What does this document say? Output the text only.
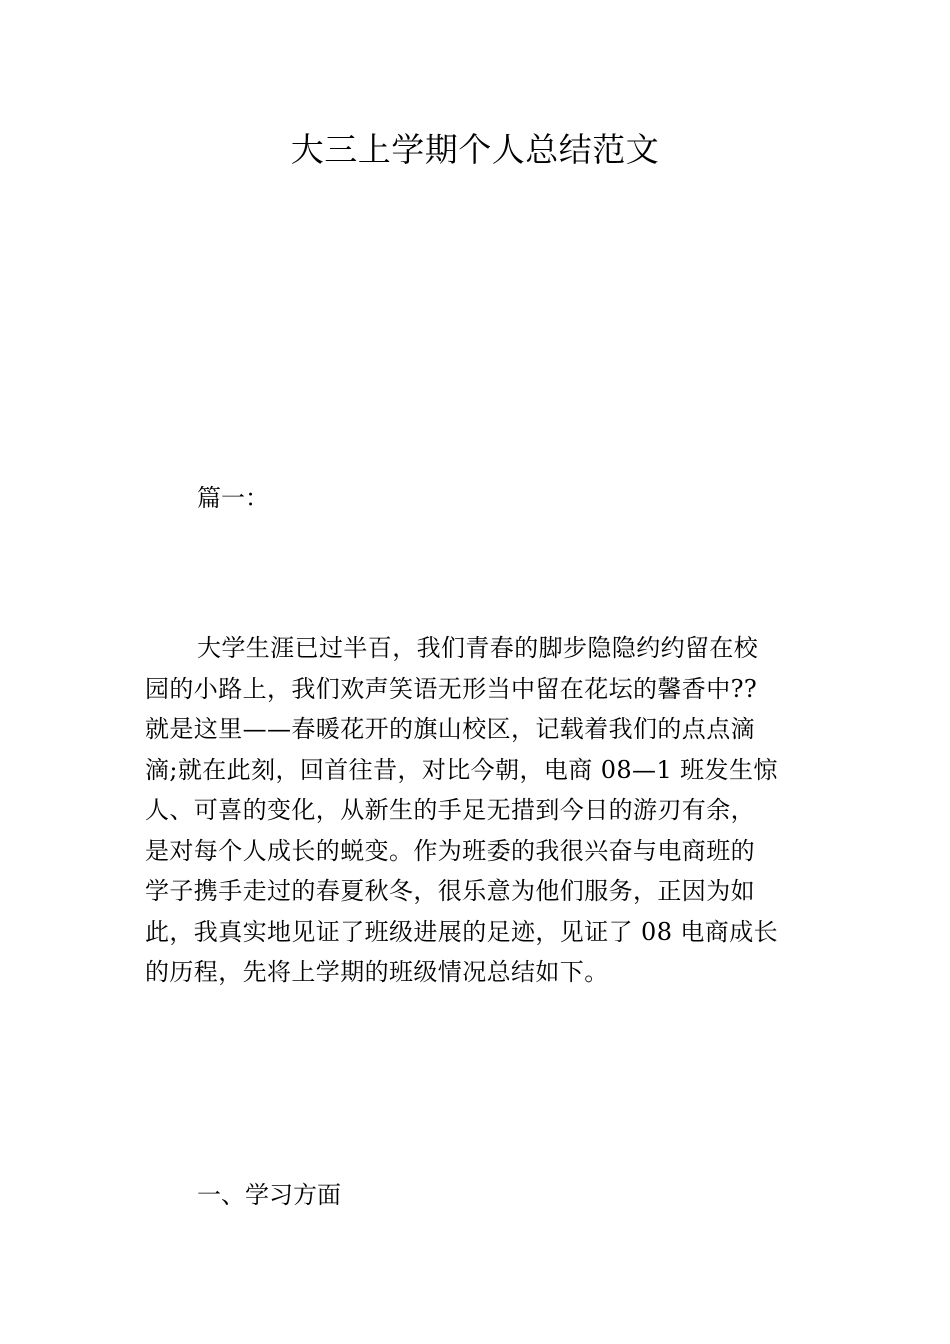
大三上学期个人总结范文
篇一：
大学生涯已过半百，我们青春的脚步隐隐约约留在校
园的小路上，我们欢声笑语无形当中留在花坛的馨香中??
就是这里——春暖花开的旗山校区，记载着我们的点点滴
滴;就在此刻，回首往昔，对比今朝，电商 08—1 班发生惊
人、可喜的变化，从新生的手足无措到今日的游刃有余，
是对每个人成长的蜕变。作为班委的我很兴奋与电商班的
学子携手走过的春夏秋冬，很乐意为他们服务，正因为如
此，我真实地见证了班级进展的足迹，见证了 08 电商成长
的历程，先将上学期的班级情况总结如下。
一、学习方面
